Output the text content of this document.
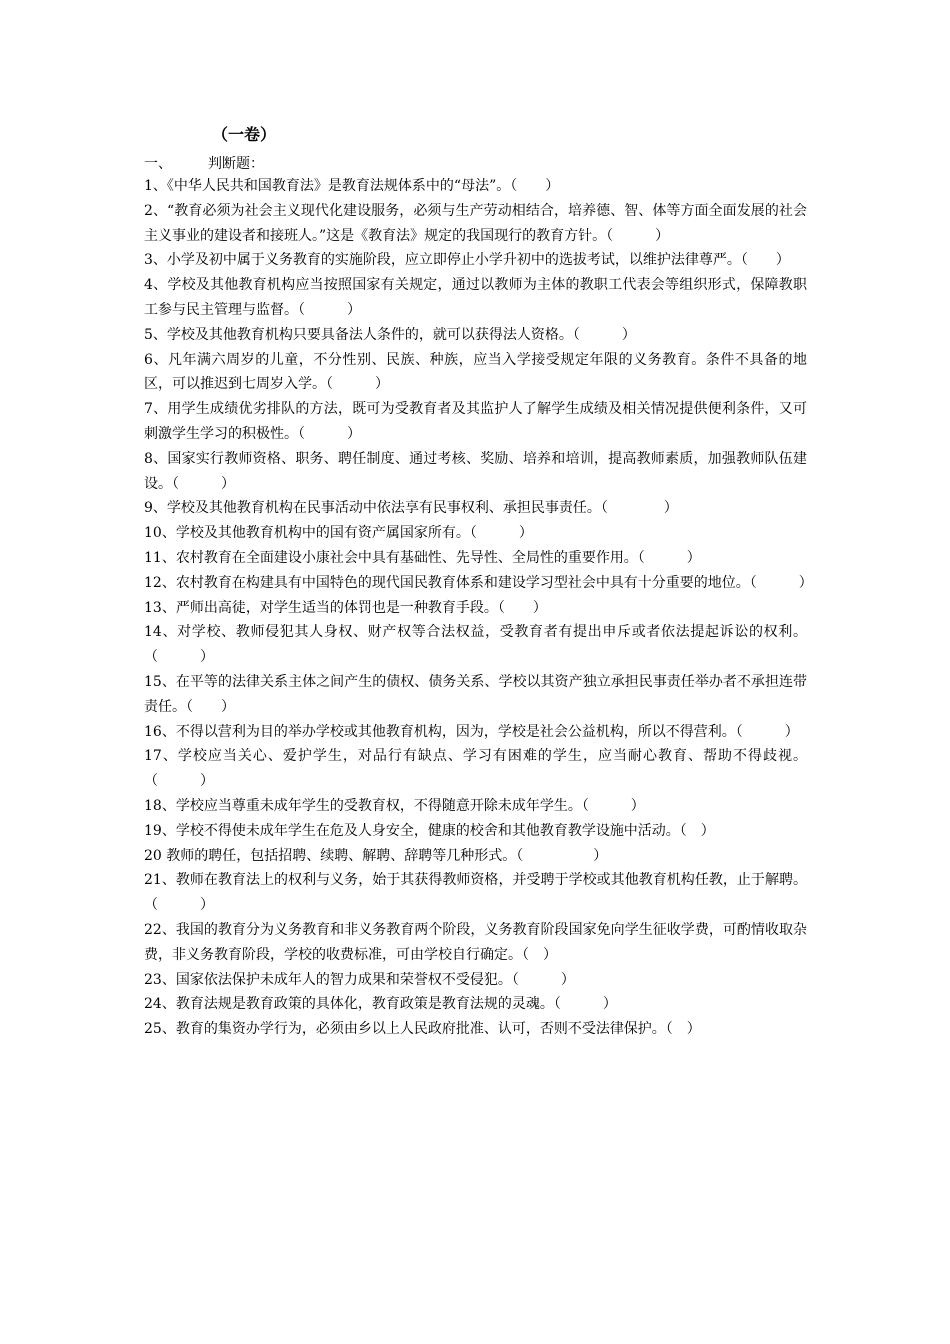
（一卷）
一、	判断题：

1、《中华人民共和国教育法》是教育法规体系中的“母法”。（　　）

2、“教育必须为社会主义现代化建设服务，必须与生产劳动相结合，培养德、智、体等方面全面发展的社会主义事业的建设者和接班人。”这是《教育法》规定的我国现行的教育方针。（　　　）

3、小学及初中属于义务教育的实施阶段，应立即停止小学升初中的选拔考试，以维护法律尊严。（　　）

4、学校及其他教育机构应当按照国家有关规定，通过以教师为主体的教职工代表会等组织形式，保障教职工参与民主管理与监督。（　　　）

5、学校及其他教育机构只要具备法人条件的，就可以获得法人资格。（　　　）

6、凡年满六周岁的儿童，不分性别、民族、种族，应当入学接受规定年限的义务教育。条件不具备的地区，可以推迟到七周岁入学。（　　　）

7、用学生成绩优劣排队的方法，既可为受教育者及其监护人了解学生成绩及相关情况提供便利条件，又可刺激学生学习的积极性。（　　　）

8、国家实行教师资格、职务、聘任制度、通过考核、奖励、培养和培训，提高教师素质，加强教师队伍建设。（　　　）

9、学校及其他教育机构在民事活动中依法享有民事权利、承担民事责任。（　　　　）

10、学校及其他教育机构中的国有资产属国家所有。（　　　）

11、农村教育在全面建设小康社会中具有基础性、先导性、全局性的重要作用。（　　　）

12、农村教育在构建具有中国特色的现代国民教育体系和建设学习型社会中具有十分重要的地位。（　　　）

13、严师出高徒，对学生适当的体罚也是一种教育手段。（　　）

14、对学校、教师侵犯其人身权、财产权等合法权益，受教育者有提出申斥或者依法提起诉讼的权利。（　　　）

15、在平等的法律关系主体之间产生的债权、债务关系、学校以其资产独立承担民事责任举办者不承担连带责任。（　　）

16、不得以营利为目的举办学校或其他教育机构，因为，学校是社会公益机构，所以不得营利。（　　　）

17、学校应当关心、爱护学生，对品行有缺点、学习有困难的学生，应当耐心教育、帮助不得歧视。（　　　）

18、学校应当尊重未成年学生的受教育权，不得随意开除未成年学生。（　　　）

19、学校不得使未成年学生在危及人身安全，健康的校舍和其他教育教学设施中活动。（　）

20 教师的聘任，包括招聘、续聘、解聘、辞聘等几种形式。（　　　　　）

21、教师在教育法上的权利与义务，始于其获得教师资格，并受聘于学校或其他教育机构任教，止于解聘。（　　　）

22、我国的教育分为义务教育和非义务教育两个阶段，义务教育阶段国家免向学生征收学费，可酌情收取杂费，非义务教育阶段，学校的收费标准，可由学校自行确定。（　）

23、国家依法保护未成年人的智力成果和荣誉权不受侵犯。（　　　）

24、教育法规是教育政策的具体化，教育政策是教育法规的灵魂。（　　　）

25、教育的集资办学行为，必须由乡以上人民政府批准、认可，否则不受法律保护。（　）
